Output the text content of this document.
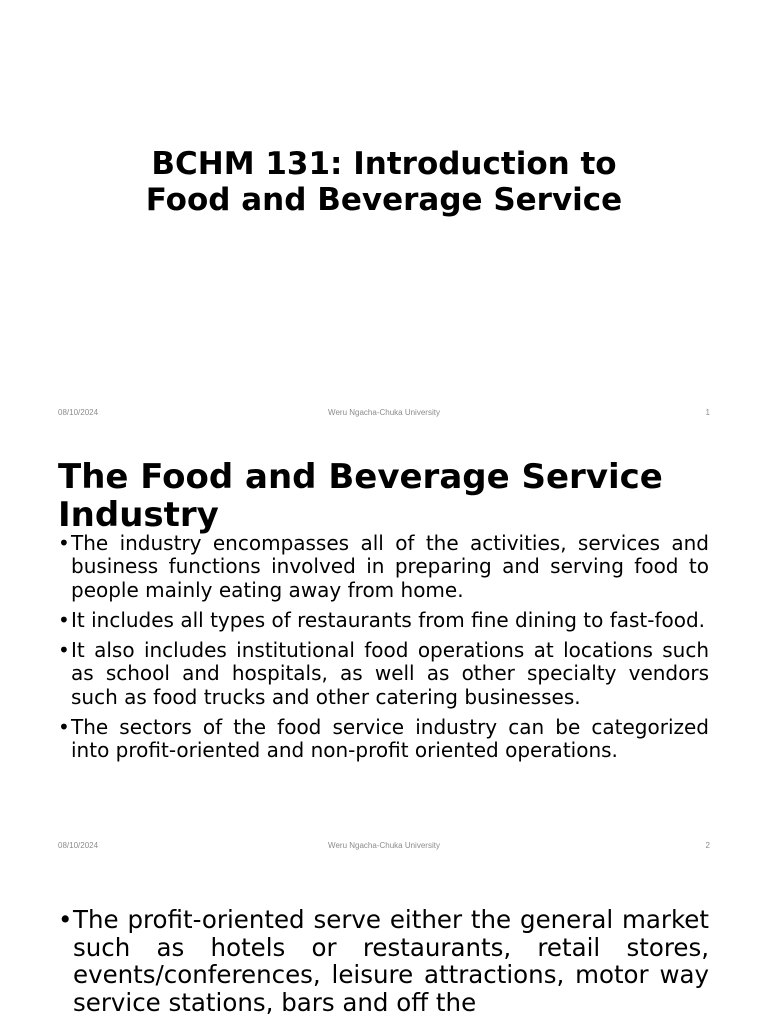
BCHM 131: Introduction to
Food and Beverage Service
08/10/2024	Weru Ngacha-Chuka University	1
The Food and Beverage Service
Industry
• The industry encompasses all of the activities, services and business functions involved in preparing and serving food to people mainly eating away from home.
• It includes all types of restaurants from fine dining to fast-food.
• It also includes institutional food operations at locations such as school and hospitals, as well as other specialty vendors such as food trucks and other catering businesses.
• The sectors of the food service industry can be categorized into profit-oriented and non-profit oriented operations.
08/10/2024	Weru Ngacha-Chuka University	2
• The profit-oriented serve either the general market such as hotels or restaurants, retail stores, events/conferences, leisure attractions, motor way service stations, bars and off the
